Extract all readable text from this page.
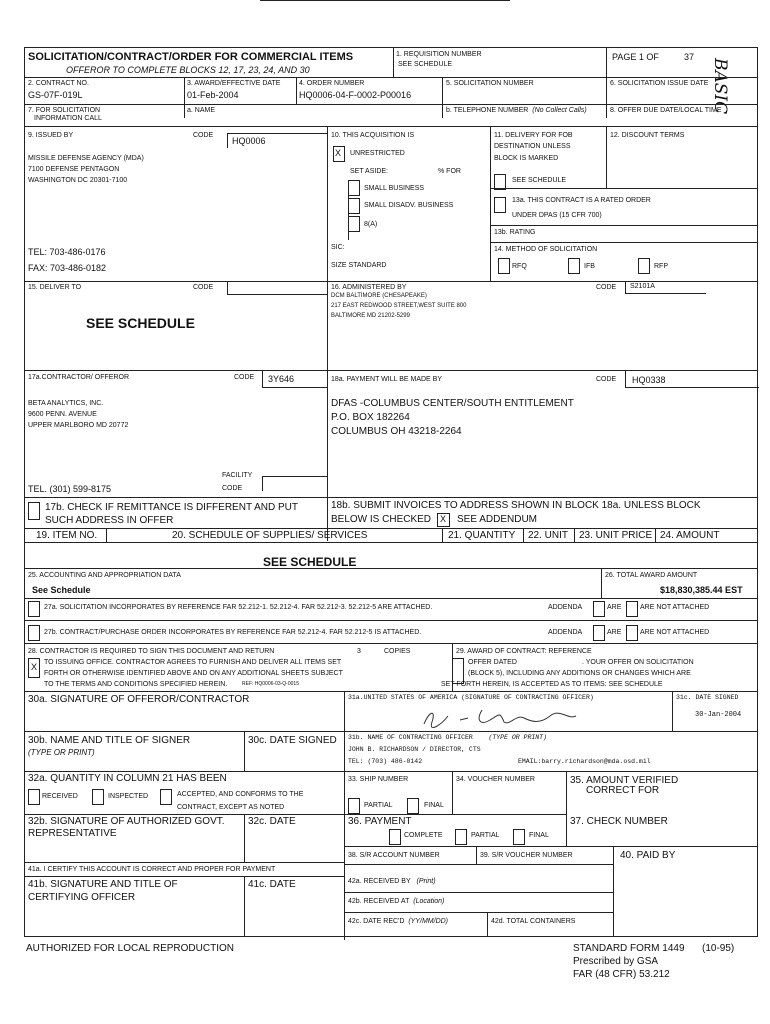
BASIC
SOLICITATION/CONTRACT/ORDER FOR COMMERCIAL ITEMS
OFFEROR TO COMPLETE BLOCKS 12, 17, 23, 24, AND 30
1. REQUISITION NUMBER
SEE SCHEDULE
PAGE 1 OF	37
2. CONTRACT NO.
GS-07F-019L
3. AWARD/EFFECTIVE DATE
01-Feb-2004
4. ORDER NUMBER
HQ0006-04-F-0002-P00016
5. SOLICITATION NUMBER	6. SOLICITATION ISSUE DATE
7. FOR SOLICITATION
INFORMATION CALL
a. NAME	b. TELEPHONE NUMBER (No Collect Calls)	8. OFFER DUE DATE/LOCAL TIME
9. ISSUED BY	CODE
HQ0006
MISSILE DEFENSE AGENCY (MDA)
7100 DEFENSE PENTAGON
WASHINGTON DC 20301-7100
TEL: 703-486-0176
FAX: 703-486-0182
10. THIS ACQUISITION IS
X UNRESTRICTED
SET ASIDE:	% FOR
SMALL BUSINESS
SMALL DISADV. BUSINESS
8(A)
SIC:
SIZE STANDARD
11. DELIVERY FOR FOB
DESTINATION UNLESS
BLOCK IS MARKED
SEE SCHEDULE
12. DISCOUNT TERMS
13a. THIS CONTRACT IS A RATED ORDER
UNDER DPAS (15 CFR 700)
13b. RATING
14. METHOD OF SOLICITATION
RFQ	IFB	RFP
15. DELIVER TO	CODE
SEE SCHEDULE
16. ADMINISTERED BY	CODE S2101A
DCM BALTIMORE (CHESAPEAKE)
217 EAST REDWOOD STREET,WEST SUITE 800
BALTIMORE MD 21202-5299
17a.CONTRACTOR/ OFFEROR	CODE 3Y646
BETA ANALYTICS, INC.
9600 PENN. AVENUE
UPPER MARLBORO MD 20772
FACILITY
CODE
TEL. (301) 599-8175
18a. PAYMENT WILL BE MADE BY	CODE HQ0338
DFAS -COLUMBUS CENTER/SOUTH ENTITLEMENT
P.O. BOX 182264
COLUMBUS OH 43218-2264
17b. CHECK IF REMITTANCE IS DIFFERENT AND PUT
SUCH ADDRESS IN OFFER
18b. SUBMIT INVOICES TO ADDRESS SHOWN IN BLOCK 18a. UNLESS BLOCK
BELOW IS CHECKED X SEE ADDENDUM
19. ITEM NO.	20. SCHEDULE OF SUPPLIES/ SERVICES	21. QUANTITY 22. UNIT 23. UNIT PRICE 24. AMOUNT
SEE SCHEDULE
25. ACCOUNTING AND APPROPRIATION DATA
See Schedule
26. TOTAL AWARD AMOUNT
$18,830,385.44 EST
27a. SOLICITATION INCORPORATES BY REFERENCE FAR 52.212-1. 52.212-4. FAR 52.212-3. 52.212-5 ARE ATTACHED.	ADDENDA	ARE	ARE NOT ATTACHED
27b. CONTRACT/PURCHASE ORDER INCORPORATES BY REFERENCE FAR 52.212-4. FAR 52.212-5 IS ATTACHED.	ADDENDA	ARE	ARE NOT ATTACHED
28. CONTRACTOR IS REQUIRED TO SIGN THIS DOCUMENT AND RETURN	3	COPIES
X TO ISSUING OFFICE. CONTRACTOR AGREES TO FURNISH AND DELIVER ALL ITEMS SET
FORTH OR OTHERWISE IDENTIFIED ABOVE AND ON ANY ADDITIONAL SHEETS SUBJECT
TO THE TERMS AND CONDITIONS SPECIFIED HEREIN.	REF: HQ0006-03-Q-0015
29. AWARD OF CONTRACT: REFERENCE
OFFER DATED	. YOUR OFFER ON SOLICITATION
(BLOCK 5), INCLUDING ANY ADDITIONS OR CHANGES WHICH ARE
SET FORTH HEREIN, IS ACCEPTED AS TO ITEMS: SEE SCHEDULE
30a. SIGNATURE OF OFFEROR/CONTRACTOR	31a.UNITED STATES OF AMERICA (SIGNATURE OF CONTRACTING OFFICER)	31c. DATE SIGNED
30-Jan-2004
30b. NAME AND TITLE OF SIGNER
(TYPE OR PRINT)
30c. DATE SIGNED 31b. NAME OF CONTRACTING OFFICER (TYPE OR PRINT)
JOHN B. RICHARDSON / DIRECTOR, CTS
TEL: (703) 486-0142	EMAIL:barry.richardson@mda.osd.mil
32a. QUANTITY IN COLUMN 21 HAS BEEN
RECEIVED	INSPECTED	ACCEPTED, AND CONFORMS TO THE
CONTRACT, EXCEPT AS NOTED
33. SHIP NUMBER	34. VOUCHER NUMBER	35. AMOUNT VERIFIED
CORRECT FOR
PARTIAL	FINAL
32b. SIGNATURE OF AUTHORIZED GOVT.
REPRESENTATIVE
32c. DATE	36. PAYMENT
COMPLETE	PARTIAL	FINAL
37. CHECK NUMBER
38. S/R ACCOUNT NUMBER	39. S/R VOUCHER NUMBER	40. PAID BY
41a. I CERTIFY THIS ACCOUNT IS CORRECT AND PROPER FOR PAYMENT
41b. SIGNATURE AND TITLE OF
CERTIFYING OFFICER
41c. DATE	42a. RECEIVED BY (Print)
42b. RECEIVED AT (Location)
42c. DATE REC'D (YY/MM/DD)	42d. TOTAL CONTAINERS
AUTHORIZED FOR LOCAL REPRODUCTION	STANDARD FORM 1449 (10-95)
Prescribed by GSA
FAR (48 CFR) 53.212
